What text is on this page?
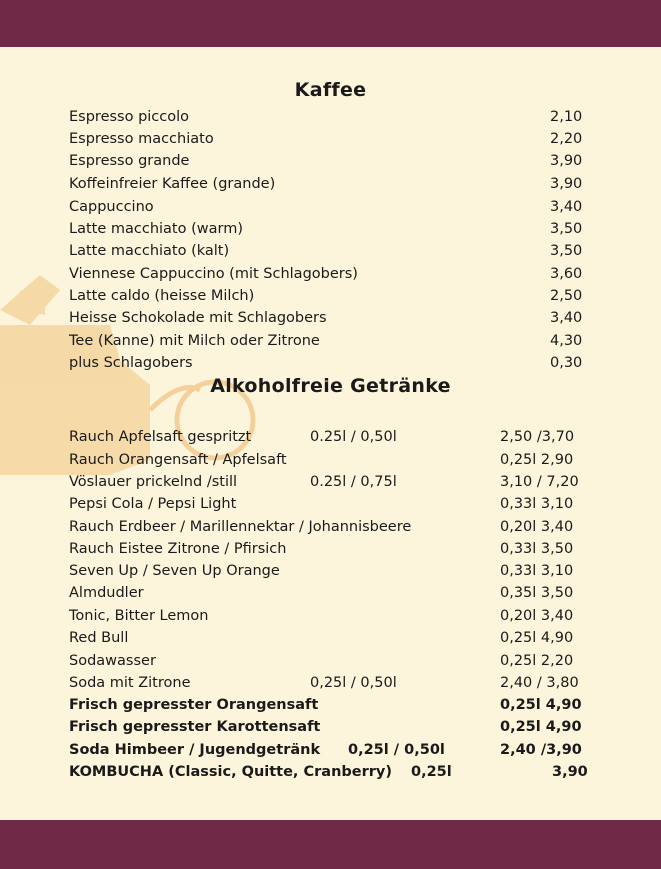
Kaffee
Espresso piccolo	2,10
Espresso macchiato	2,20
Espresso grande	3,90
Koffeinfreier Kaffee (grande)	3,90
Cappuccino	3,40
Latte macchiato (warm)	3,50
Latte macchiato (kalt)	3,50
Viennese Cappuccino (mit Schlagobers)	3,60
Latte caldo (heisse Milch)	2,50
Heisse Schokolade mit Schlagobers	3,40
Tee (Kanne) mit Milch oder Zitrone	4,30
plus Schlagobers	0,30
Alkoholfreie Getränke
Rauch Apfelsaft gespritzt	0.25l / 0,50l	2,50 /3,70
Rauch Orangensaft / Apfelsaft	0,25l 2,90
Vöslauer prickelnd /still	0.25l / 0,75l	3,10 / 7,20
Pepsi Cola / Pepsi Light	0,33l 3,10
Rauch Erdbeer / Marillennektar / Johannisbeere	0,20l 3,40
Rauch Eistee Zitrone / Pfirsich	0,33l 3,50
Seven Up / Seven Up Orange	0,33l 3,10
Almdudler	0,35l 3,50
Tonic, Bitter Lemon	0,20l 3,40
Red Bull	0,25l 4,90
Sodawasser	0,25l 2,20
Soda mit Zitrone	0,25l / 0,50l	2,40 / 3,80
Frisch gepresster Orangensaft	0,25l 4,90
Frisch gepresster Karottensaft	0,25l 4,90
Soda Himbeer / Jugendgetränk 0,25l / 0,50l	2,40 /3,90
KOMBUCHA (Classic, Quitte, Cranberry) 0,25l	3,90
